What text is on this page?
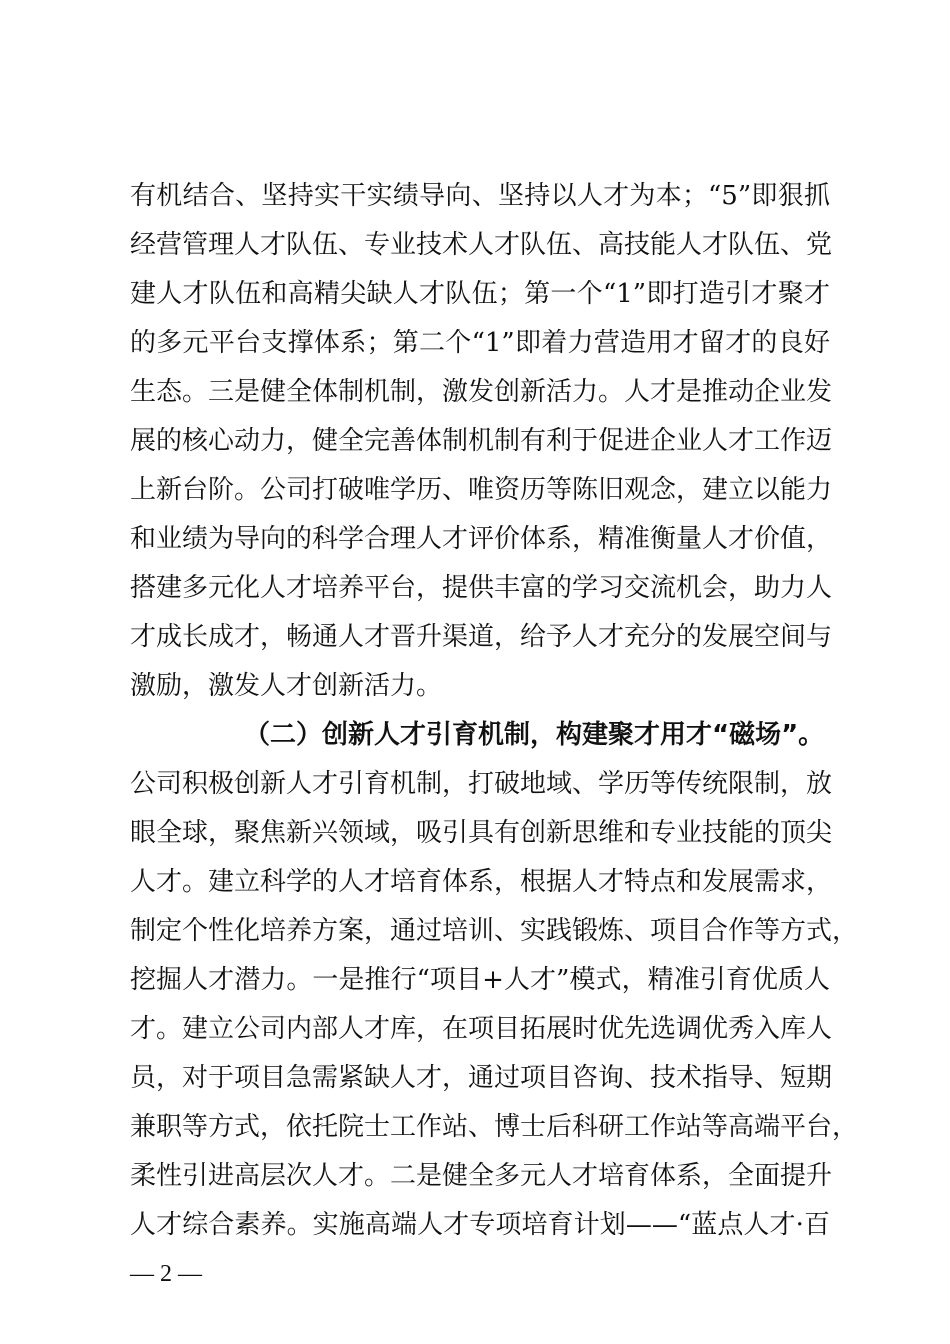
有机结合、坚持实干实绩导向、坚持以人才为本；“5”即狠抓
经营管理人才队伍、专业技术人才队伍、高技能人才队伍、党
建人才队伍和高精尖缺人才队伍；第一个“1”即打造引才聚才
的多元平台支撑体系；第二个“1”即着力营造用才留才的良好
生态。三是健全体制机制，激发创新活力。人才是推动企业发
展的核心动力，健全完善体制机制有利于促进企业人才工作迈
上新台阶。公司打破唯学历、唯资历等陈旧观念，建立以能力
和业绩为导向的科学合理人才评价体系，精准衡量人才价值，
搭建多元化人才培养平台，提供丰富的学习交流机会，助力人
才成长成才，畅通人才晋升渠道，给予人才充分的发展空间与
激励，激发人才创新活力。
（二）创新人才引育机制，构建聚才用才“磁场”。
公司积极创新人才引育机制，打破地域、学历等传统限制，放
眼全球，聚焦新兴领域，吸引具有创新思维和专业技能的顶尖
人才。建立科学的人才培育体系，根据人才特点和发展需求，
制定个性化培养方案，通过培训、实践锻炼、项目合作等方式，
挖掘人才潜力。一是推行“项目+人才”模式，精准引育优质人
才。建立公司内部人才库，在项目拓展时优先选调优秀入库人
员，对于项目急需紧缺人才，通过项目咨询、技术指导、短期
兼职等方式，依托院士工作站、博士后科研工作站等高端平台，
柔性引进高层次人才。二是健全多元人才培育体系，全面提升
人才综合素养。实施高端人才专项培育计划——“蓝点人才·百
— 2 —
